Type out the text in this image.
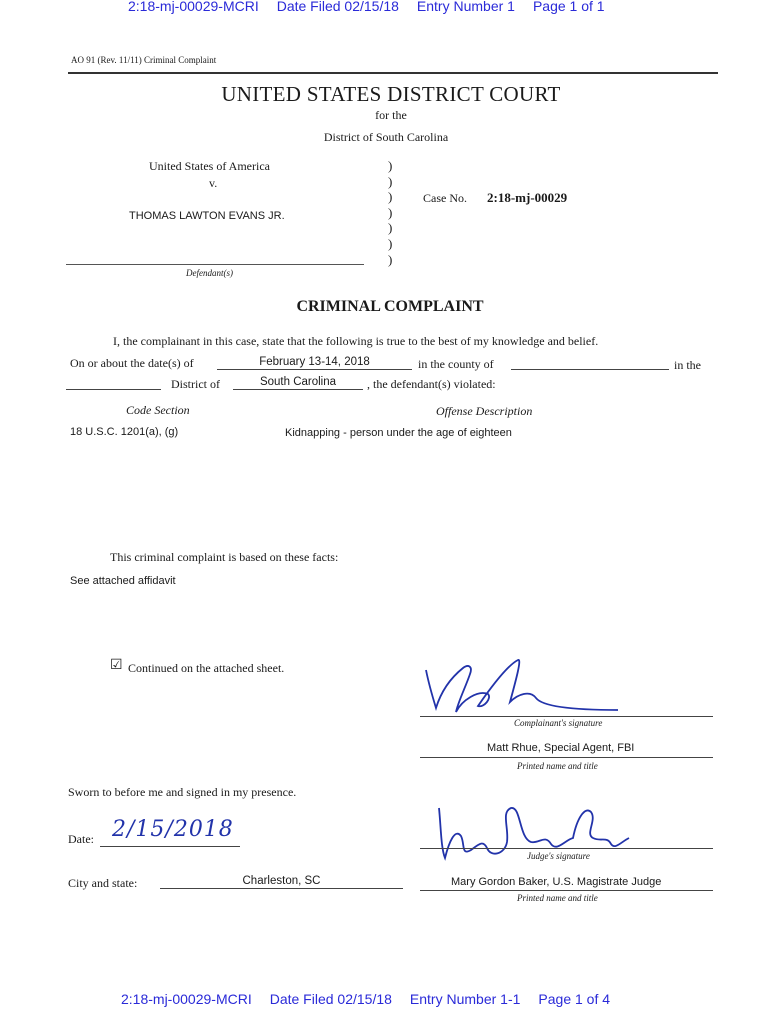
2:18-mj-00029-MCRI Date Filed 02/15/18 Entry Number 1 Page 1 of 1
AO 91 (Rev. 11/11) Criminal Complaint
UNITED STATES DISTRICT COURT
for the
District of South Carolina
United States of America
v.
THOMAS LAWTON EVANS JR.
Defendant(s)
)
)
)
)
)
)
)
Case No. 2:18-mj-00029
CRIMINAL COMPLAINT
I, the complainant in this case, state that the following is true to the best of my knowledge and belief.
On or about the date(s) of	February 13-14, 2018	in the county of	in the
District of	South Carolina	, the defendant(s) violated:
Code Section	Offense Description
18 U.S.C. 1201(a), (g)	Kidnapping - person under the age of eighteen
This criminal complaint is based on these facts:
See attached affidavit
☑ Continued on the attached sheet.
Complainant's signature
Matt Rhue, Special Agent, FBI
Printed name and title
Sworn to before me and signed in my presence.
Date: 2/15/2018
Judge's signature
City and state:	Charleston, SC	Mary Gordon Baker, U.S. Magistrate Judge
Printed name and title
2:18-mj-00029-MCRI Date Filed 02/15/18 Entry Number 1-1 Page 1 of 4
